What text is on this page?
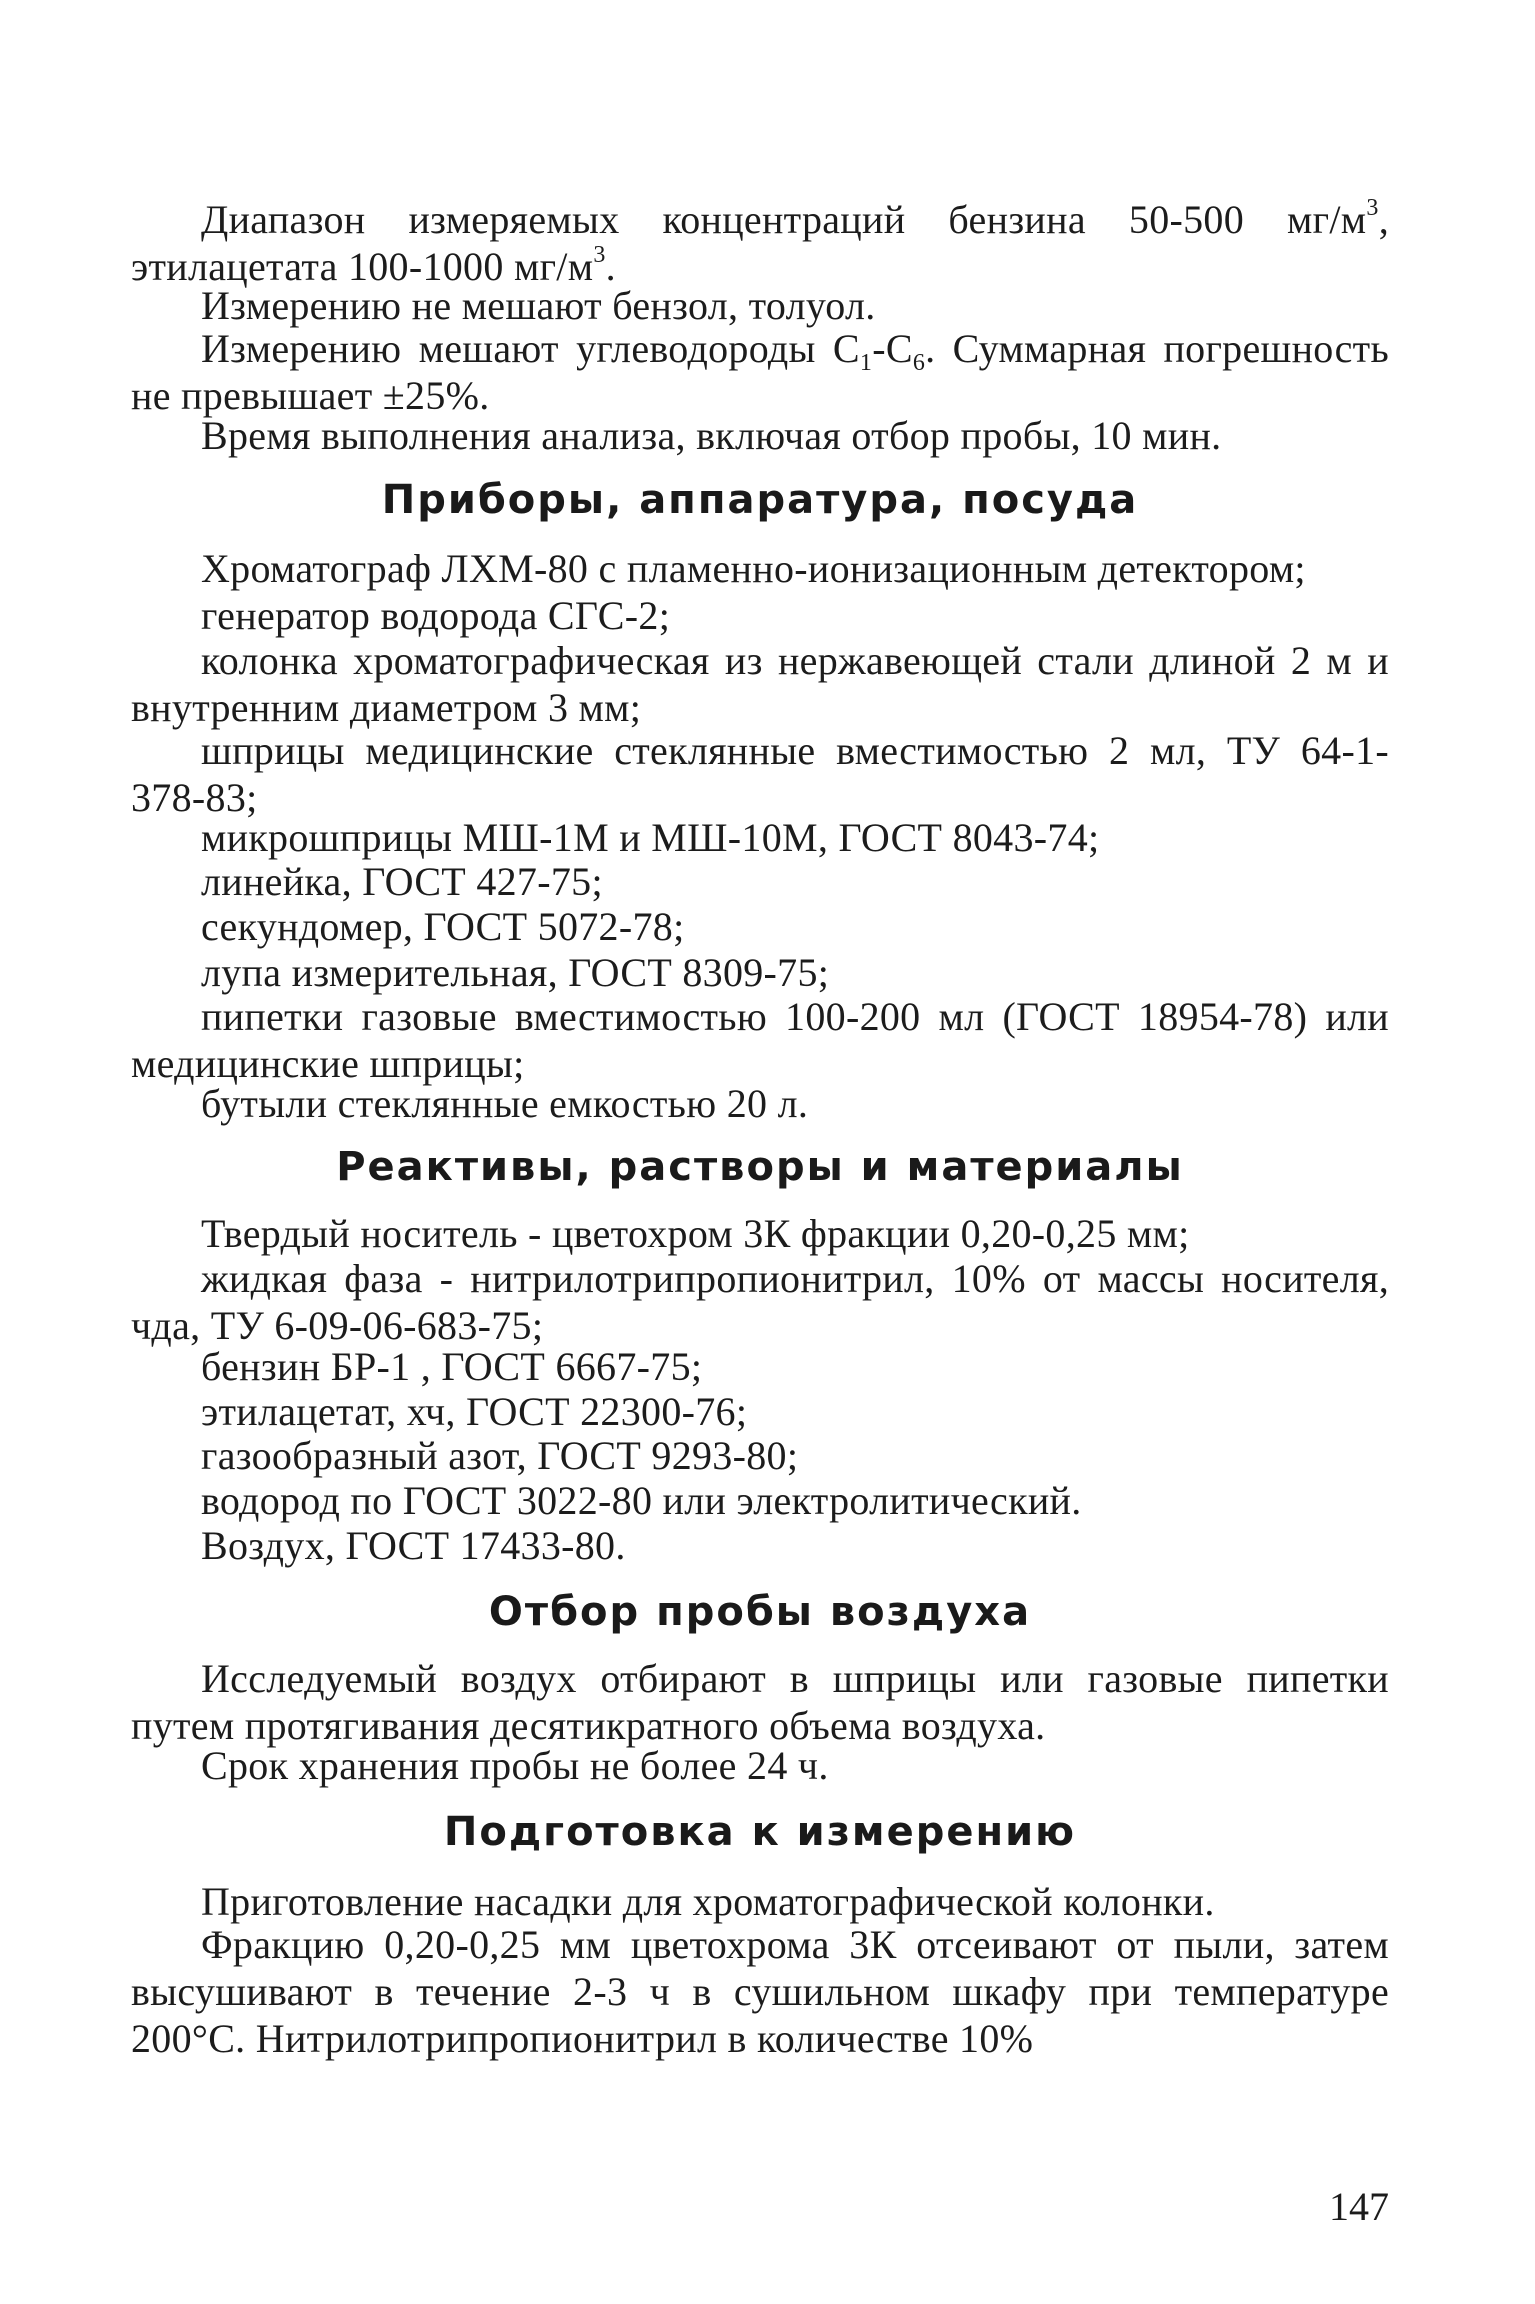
Диапазон измеряемых концентраций бензина 50-500 $мг/м^3$, этилацетата 100-1000 $мг/м^3$.

Измерению не мешают бензол, толуол.

Измерению мешают углеводороды $С_1-С_6$. Суммарная погрешность не превышает ±25%.

Время выполнения анализа, включая отбор пробы, 10 мин.

Приборы, аппаратура, посуда

Хроматограф ЛХМ-80 с пламенно-ионизационным детектором;

генератор водорода СГС-2;

колонка хроматографическая из нержавеющей стали длиной 2 м и внутренним диаметром 3 мм;

шприцы медицинские стеклянные вместимостью 2 мл, ТУ 64-1-378-83;

микрошприцы МШ-1М и МШ-10М, ГОСТ 8043-74;

линейка, ГОСТ 427-75;

секундомер, ГОСТ 5072-78;

лупа измерительная, ГОСТ 8309-75;

пипетки газовые вместимостью 100-200 мл (ГОСТ 18954-78) или медицинские шприцы;

бутыли стеклянные емкостью 20 л.

Реактивы, растворы и материалы

Твердый носитель - цветохром 3К фракции 0,20-0,25 мм;

жидкая фаза - нитрилотрипропионитрил, 10% от массы носителя, чда, ТУ 6-09-06-683-75;

бензин БР-1 , ГОСТ 6667-75;

этилацетат, хч, ГОСТ 22300-76;

газообразный азот, ГОСТ 9293-80;

водород по ГОСТ 3022-80 или электролитический.

Воздух, ГОСТ 17433-80.

Отбор пробы воздуха

Исследуемый воздух отбирают в шприцы или газовые пипетки путем протягивания десятикратного объема воздуха.

Срок хранения пробы не более 24 ч.

Подготовка к измерению

Приготовление насадки для хроматографической колонки.

Фракцию 0,20-0,25 мм цветохрома 3К отсеивают от пыли, затем высушивают в течение 2-3 ч в сушильном шкафу при температуре 200°С. Нитрилотрипропионитрил в количестве 10%

147
